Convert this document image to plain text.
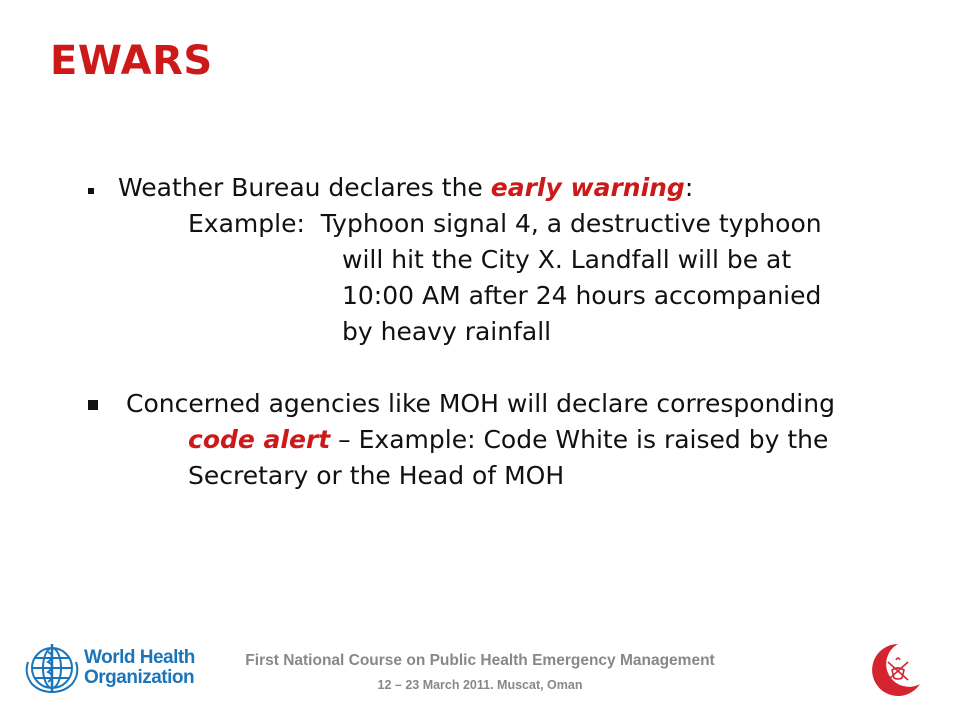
EWARS
Weather Bureau declares the early warning:
Example: Typhoon signal 4, a destructive typhoon
will hit the City X. Landfall will be at
10:00 AM after 24 hours accompanied
by heavy rainfall
Concerned agencies like MOH will declare corresponding
code alert – Example: Code White is raised by the
Secretary or the Head of MOH
World Health
Organization
First National Course on Public Health Emergency Management
12 – 23 March 2011. Muscat, Oman
